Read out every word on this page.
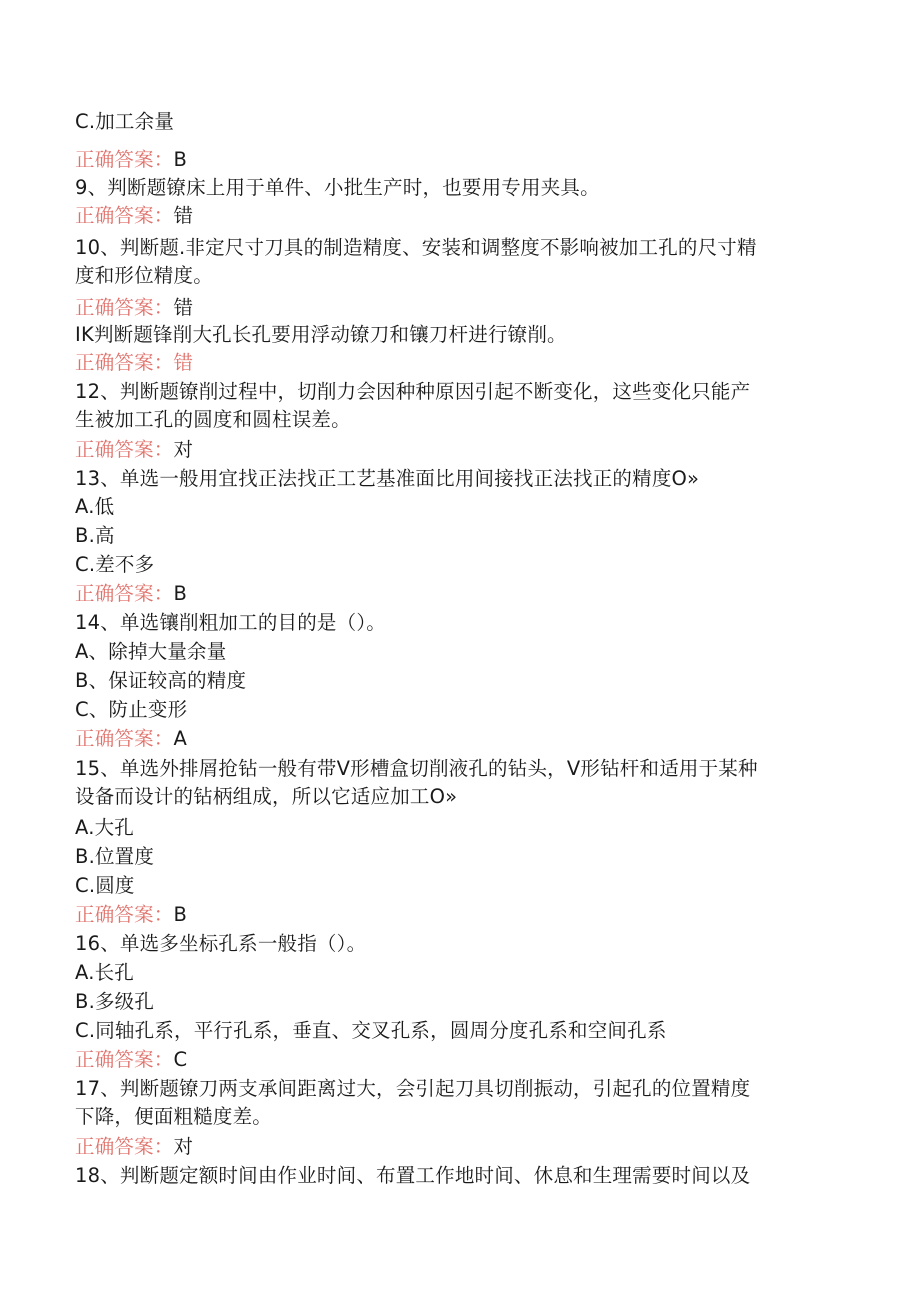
C.加工余量
正确答案：B
9、判断题镣床上用于单件、小批生产时，也要用专用夹具。
正确答案：错
10、判断题.非定尺寸刀具的制造精度、安装和调整度不影响被加工孔的尺寸精
度和形位精度。
正确答案：错
IK判断题锋削大孔长孔要用浮动镣刀和镶刀杆进行镣削。
正确答案：错
12、判断题镣削过程中，切削力会因种种原因引起不断变化，这些变化只能产
生被加工孔的圆度和圆柱误差。
正确答案：对
13、单选一般用宜找正法找正工艺基准面比用间接找正法找正的精度O»
A.低
B.高
C.差不多
正确答案：B
14、单选镶削粗加工的目的是（）。
A、除掉大量余量
B、保证较高的精度
C、防止变形
正确答案：A
15、单选外排屑抢钻一般有带V形槽盒切削液孔的钻头，V形钻杆和适用于某种
设备而设计的钻柄组成，所以它适应加工O»
A.大孔
B.位置度
C.圆度
正确答案：B
16、单选多坐标孔系一般指（）。
A.长孔
B.多级孔
C.同轴孔系，平行孔系，垂直、交叉孔系，圆周分度孔系和空间孔系
正确答案：C
17、判断题镣刀两支承间距离过大，会引起刀具切削振动，引起孔的位置精度
下降，便面粗糙度差。
正确答案：对
18、判断题定额时间由作业时间、布置工作地时间、休息和生理需要时间以及
